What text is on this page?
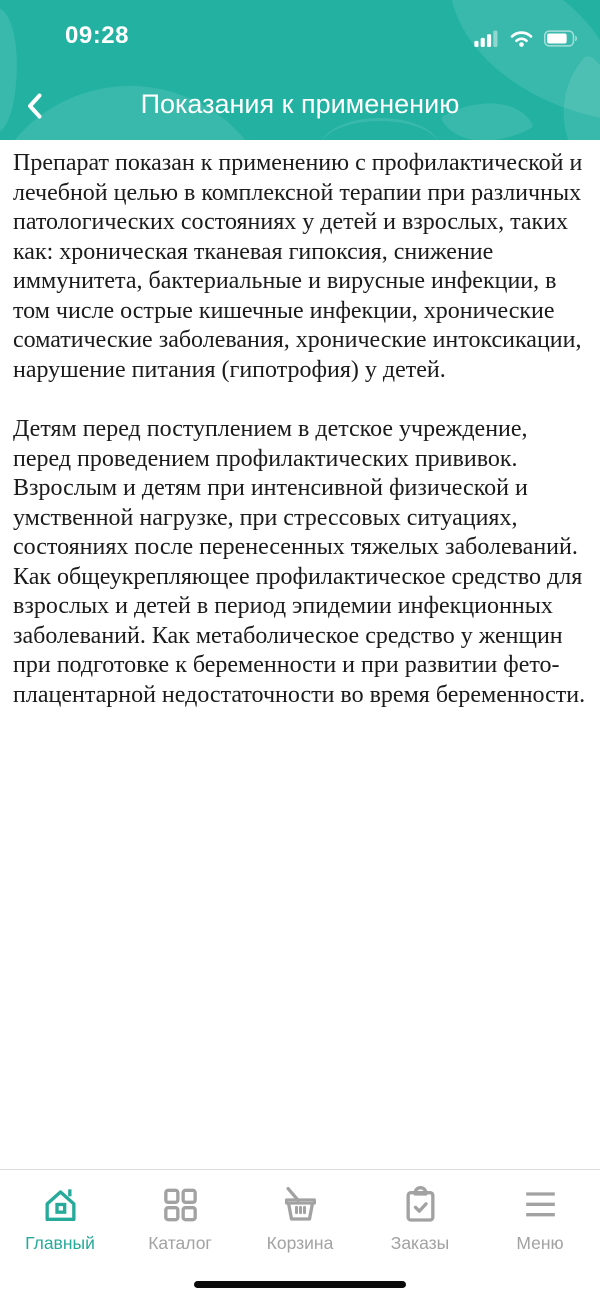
09:28
Показания к применению

Препарат показан к применению с профилактической и лечебной целью в комплексной терапии при различных патологических состояниях у детей и взрослых, таких как: хроническая тканевая гипоксия, снижение иммунитета, бактериальные и вирусные инфекции, в том числе острые кишечные инфекции, хронические соматические заболевания, хронические интоксикации, нарушение питания (гипотрофия) у детей.

Детям перед поступлением в детское учреждение, перед проведением профилактических прививок. Взрослым и детям при интенсивной физической и умственной нагрузке, при стрессовых ситуациях, состояниях после перенесенных тяжелых заболеваний. Как общеукрепляющее профилактическое средство для взрослых и детей в период эпидемии инфекционных заболеваний. Как метаболическое средство у женщин при подготовке к беременности и при развитии фето-плацентарной недостаточности во время беременности.

Главный	Каталог	Корзина	Заказы	Меню
